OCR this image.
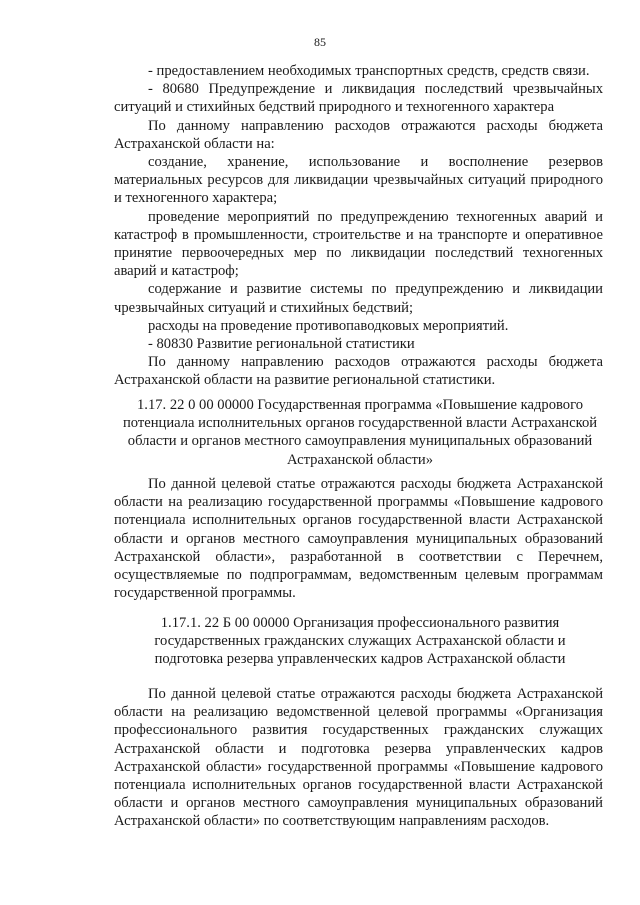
85

- предоставлением необходимых транспортных средств, средств связи.

- 80680 Предупреждение и ликвидация последствий чрезвычайных ситуаций и стихийных бедствий природного и техногенного характера

По данному направлению расходов отражаются расходы бюджета Астраханской области на:

создание, хранение, использование и восполнение резервов материальных ресурсов для ликвидации чрезвычайных ситуаций природного и техногенного характера;

проведение мероприятий по предупреждению техногенных аварий и катастроф в промышленности, строительстве и на транспорте и оперативное принятие первоочередных мер по ликвидации последствий техногенных аварий и катастроф;

содержание и развитие системы по предупреждению и ликвидации чрезвычайных ситуаций и стихийных бедствий;

расходы на проведение противопаводковых мероприятий.

- 80830 Развитие региональной статистики

По данному направлению расходов отражаются расходы бюджета Астраханской области на развитие региональной статистики.

1.17. 22 0 00 00000 Государственная программа «Повышение кадрового потенциала исполнительных органов государственной власти Астраханской области и органов местного самоуправления муниципальных образований Астраханской области»

По данной целевой статье отражаются расходы бюджета Астраханской области на реализацию государственной программы «Повышение кадрового потенциала исполнительных органов государственной власти Астраханской области и органов местного самоуправления муниципальных образований Астраханской области», разработанной в соответствии с Перечнем, осуществляемые по подпрограммам, ведомственным целевым программам государственной программы.

1.17.1. 22 Б 00 00000 Организация профессионального развития государственных гражданских служащих Астраханской области и подготовка резерва управленческих кадров Астраханской области

По данной целевой статье отражаются расходы бюджета Астраханской области на реализацию ведомственной целевой программы «Организация профессионального развития государственных гражданских служащих Астраханской области и подготовка резерва управленческих кадров Астраханской области» государственной программы «Повышение кадрового потенциала исполнительных органов государственной власти Астраханской области и органов местного самоуправления муниципальных образований Астраханской области» по соответствующим направлениям расходов.
